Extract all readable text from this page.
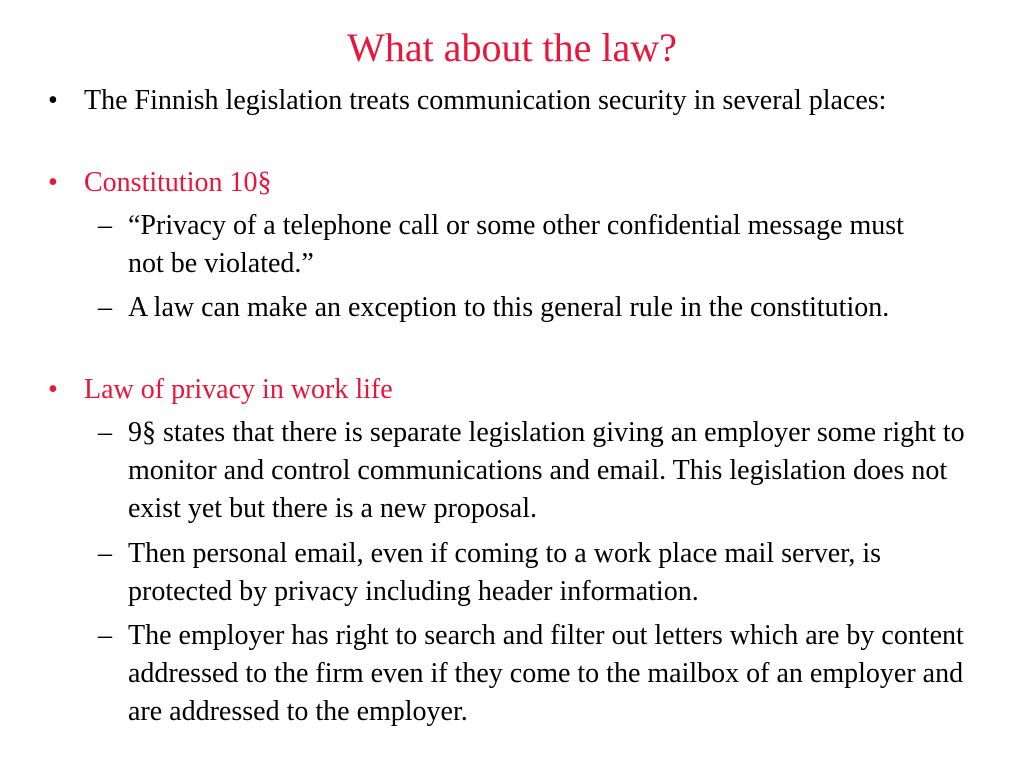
What about the law?
• The Finnish legislation treats communication security in several places:
• Constitution 10§
– “Privacy of a telephone call or some other confidential message must not be violated.”
– A law can make an exception to this general rule in the constitution.
• Law of privacy in work life
– 9§ states that there is separate legislation giving an employer some right to monitor and control communications and email. This legislation does not exist yet but there is a new proposal.
– Then personal email, even if coming to a work place mail server, is protected by privacy including header information.
– The employer has right to search and filter out letters which are by content addressed to the firm even if they come to the mailbox of an employer and are addressed to the employer.
